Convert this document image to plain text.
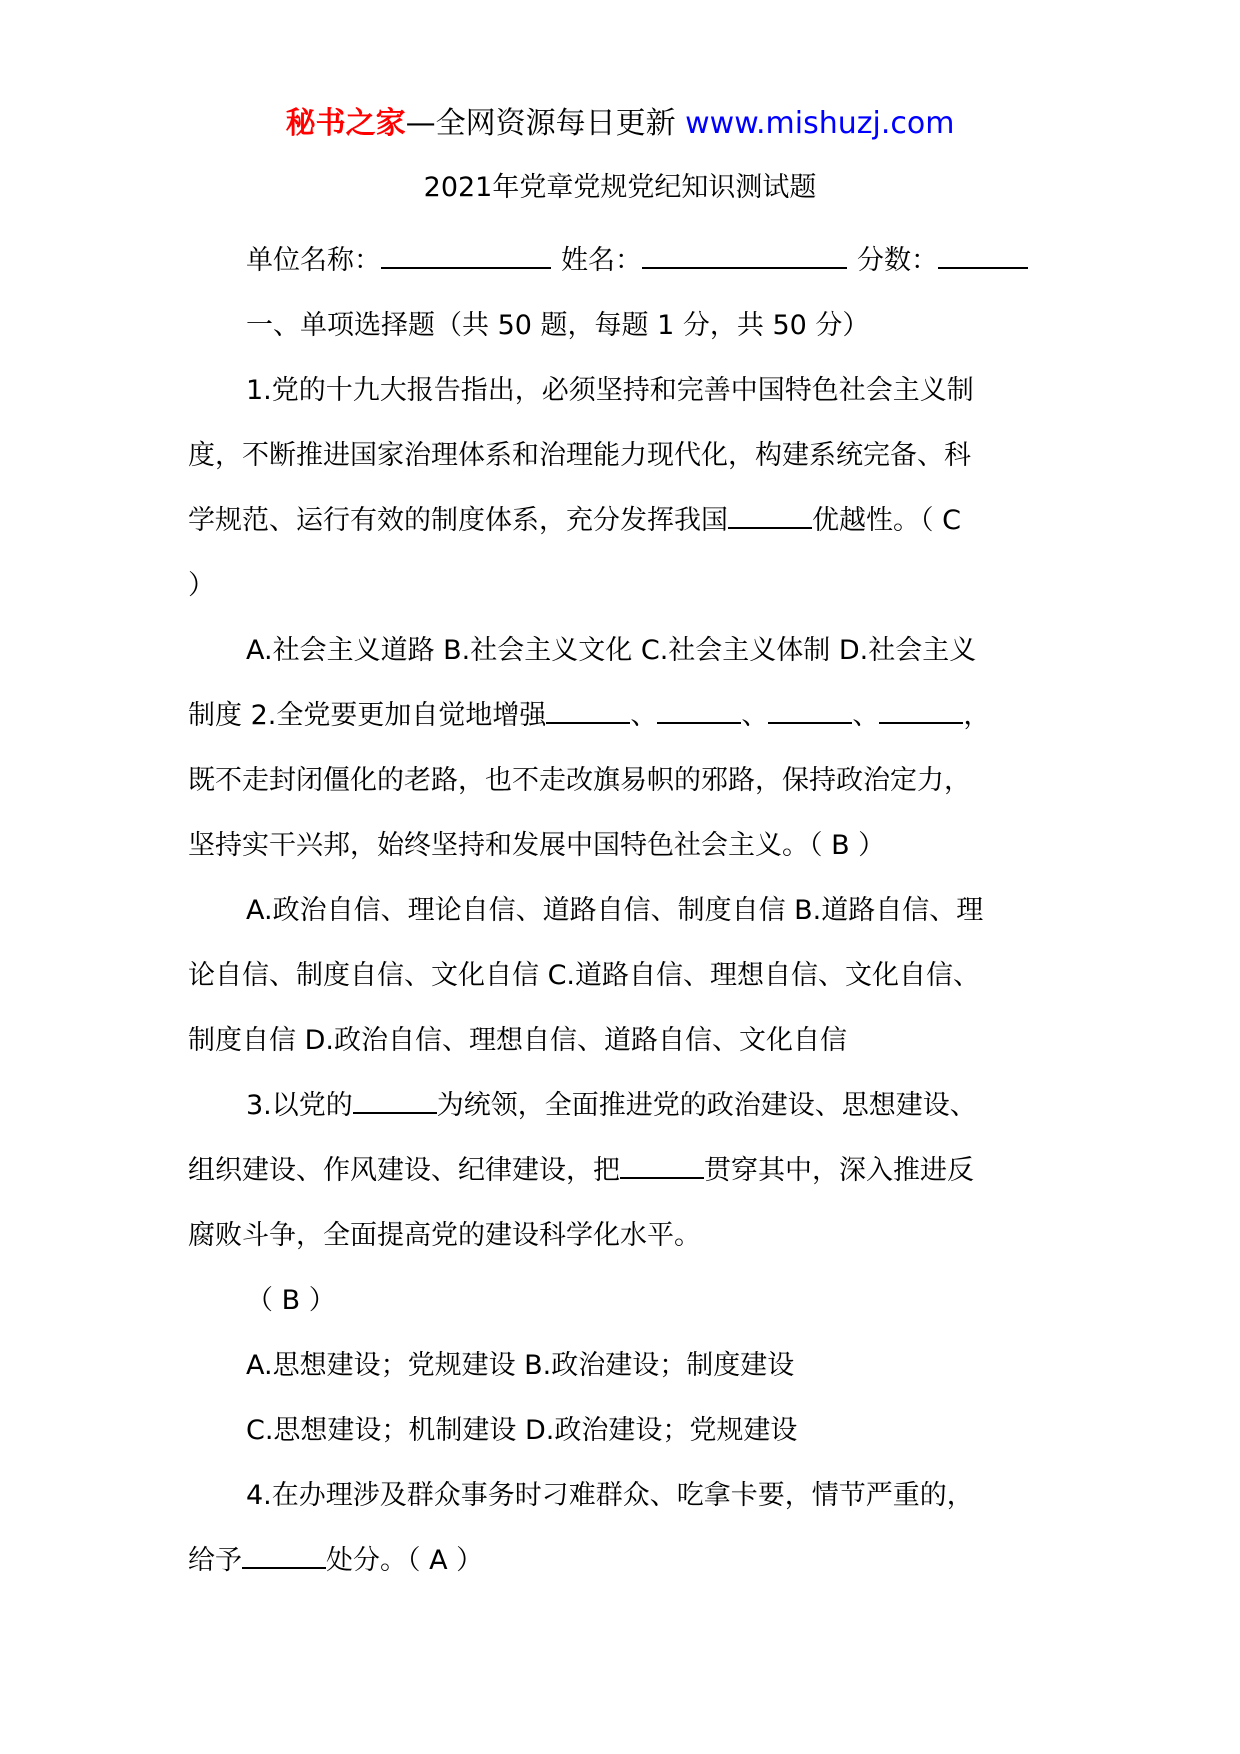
秘书之家—全网资源每日更新 www.mishuzj.com
2021年党章党规党纪知识测试题
单位名称：	姓名：	分数：
一、单项选择题（共 50 题，每题 1 分，共 50 分）
1.党的十九大报告指出，必须坚持和完善中国特色社会主义制
度，不断推进国家治理体系和治理能力现代化，构建系统完备、科
学规范、运行有效的制度体系，充分发挥我国	优越性。（ C
）
A.社会主义道路 B.社会主义文化 C.社会主义体制 D.社会主义
制度 2.全党要更加自觉地增强	、	、	、	，
既不走封闭僵化的老路，也不走改旗易帜的邪路，保持政治定力，
坚持实干兴邦，始终坚持和发展中国特色社会主义。（ B ）
A.政治自信、理论自信、道路自信、制度自信 B.道路自信、理
论自信、制度自信、文化自信 C.道路自信、理想自信、文化自信、
制度自信 D.政治自信、理想自信、道路自信、文化自信
3.以党的	为统领，全面推进党的政治建设、思想建设、
组织建设、作风建设、纪律建设，把	贯穿其中，深入推进反
腐败斗争，全面提高党的建设科学化水平。
（ B ）
A.思想建设；党规建设 B.政治建设；制度建设
C.思想建设；机制建设 D.政治建设；党规建设
4.在办理涉及群众事务时刁难群众、吃拿卡要，情节严重的，
给予	处分。（ A ）
